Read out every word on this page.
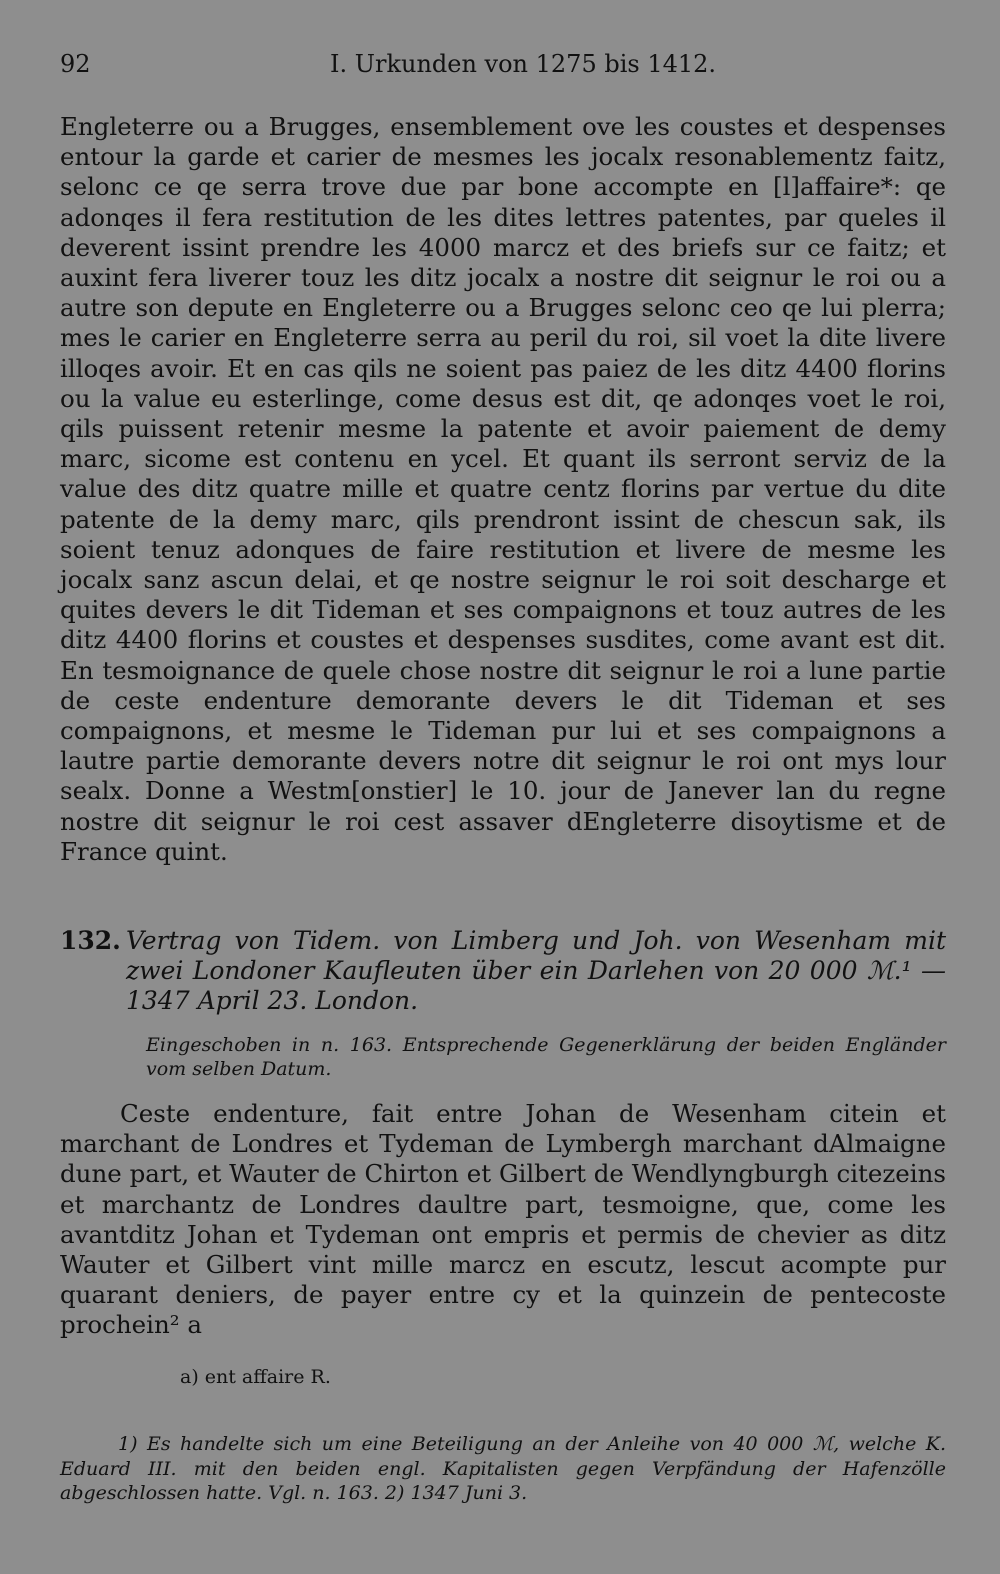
92	I. Urkunden von 1275 bis 1412.

Engleterre ou a Brugges, ensemblement ove les coustes et despenses entour la garde et carier de mesmes les jocalx resonablementz faitz, selonc ce qe serra trove due par bone accompte en [l]affaire*: qe adonqes il fera restitution de les dites lettres patentes, par queles il deverent issint prendre les 4000 marcz et des briefs sur ce faitz; et auxint fera liverer touz les ditz jocalx a nostre dit seignur le roi ou a autre son depute en Engleterre ou a Brugges selonc ceo qe lui plerra; mes le carier en Engleterre serra au peril du roi, sil voet la dite livere illoqes avoir. Et en cas qils ne soient pas paiez de les ditz 4400 florins ou la value eu esterlinge, come desus est dit, qe adonqes voet le roi, qils puissent retenir mesme la patente et avoir paiement de demy marc, sicome est contenu en ycel. Et quant ils serront serviz de la value des ditz quatre mille et quatre centz florins par vertue du dite patente de la demy marc, qils prendront issint de chescun sak, ils soient tenuz adonques de faire restitution et livere de mesme les jocalx sanz ascun delai, et qe nostre seignur le roi soit descharge et quites devers le dit Tideman et ses compaignons et touz autres de les ditz 4400 florins et coustes et despenses susdites, come avant est dit. En tesmoignance de quele chose nostre dit seignur le roi a lune partie de ceste endenture demorante devers le dit Tideman et ses compaignons, et mesme le Tideman pur lui et ses compaignons a lautre partie demorante devers notre dit seignur le roi ont mys lour sealx. Donne a Westm[onstier] le 10. jour de Janever lan du regne nostre dit seignur le roi cest assaver dEngleterre disoytisme et de France quint.

132. Vertrag von Tidem. von Limberg und Joh. von Wesenham mit zwei Londoner Kaufleuten über ein Darlehen von 20 000 ℳ.¹ — 1347 April 23. London.

Eingeschoben in n. 163. Entsprechende Gegenerklärung der beiden Engländer vom selben Datum.

Ceste endenture, fait entre Johan de Wesenham citein et marchant de Londres et Tydeman de Lymbergh marchant dAlmaigne dune part, et Wauter de Chirton et Gilbert de Wendlyngburgh citezeins et marchantz de Londres daultre part, tesmoigne, que, come les avantditz Johan et Tydeman ont empris et permis de chevier as ditz Wauter et Gilbert vint mille marcz en escutz, lescut acompte pur quarant deniers, de payer entre cy et la quinzein de pentecoste prochein² a

a) ent affaire R.

1) Es handelte sich um eine Beteiligung an der Anleihe von 40 000 ℳ, welche K. Eduard III. mit den beiden engl. Kapitalisten gegen Verpfändung der Hafenzölle abgeschlossen hatte. Vgl. n. 163. 2) 1347 Juni 3.
